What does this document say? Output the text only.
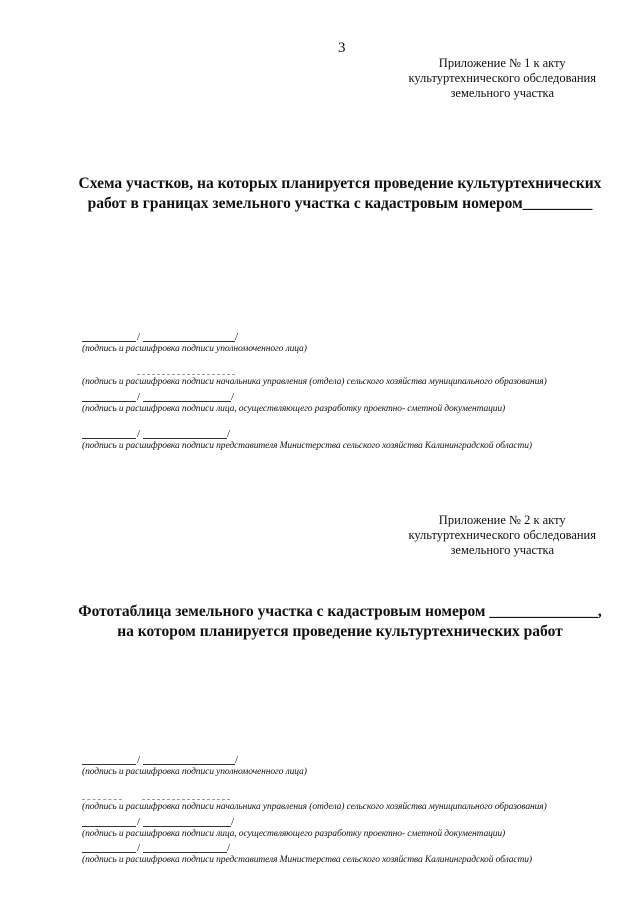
3
Приложение № 1 к акту
культуртехнического обследования
земельного участка
Схема участков, на которых планируется проведение культуртехнических
работ в границах земельного участка с кадастровым номером_________
/	/
(подпись и расшифровка подписи уполномоченного лица)
(подпись и расшифровка подписи начальника управления (отдела) сельского хозяйства муниципального образования)
/	/
(подпись и расшифровка подписи лица, осуществляющего разработку проектно- сметной документации)
/	/
(подпись и расшифровка подписи представителя Министерства сельского хозяйства Калининградской области)
Приложение № 2 к акту
культуртехнического обследования
земельного участка
Фототаблица земельного участка с кадастровым номером ______________,
на котором планируется проведение культуртехнических работ
/	/
(подпись и расшифровка подписи уполномоченного лица)
(подпись и расшифровка подписи начальника управления (отдела) сельского хозяйства муниципального образования)
/	/
(подпись и расшифровка подписи лица, осуществляющего разработку проектно- сметной документации)
/	/
(подпись и расшифровка подписи представителя Министерства сельского хозяйства Калининградской области)
